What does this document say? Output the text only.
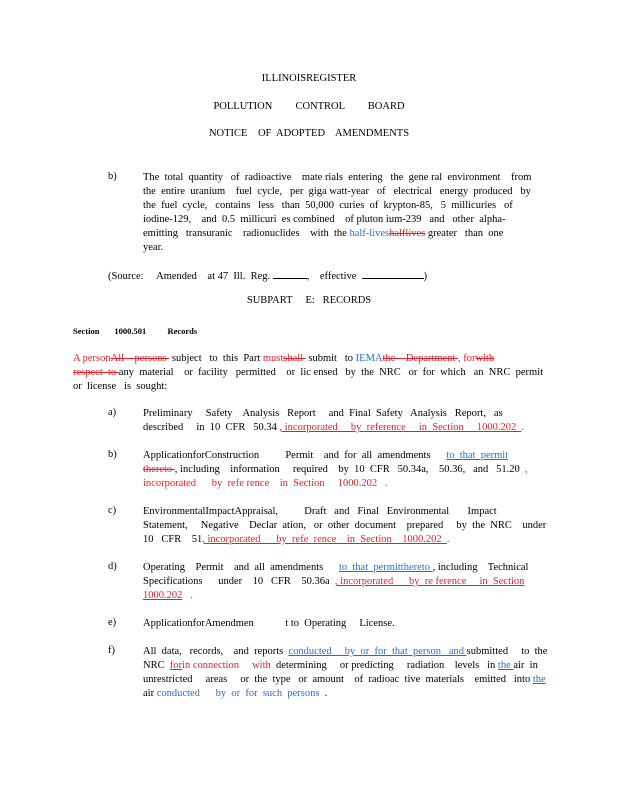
ILLINOISREGISTER
POLLUTION     CONTROL     BOARD
NOTICE    OF  ADOPTED    AMENDMENTS
b)	The  total  quantity   of  radioactive    mate rials  entering   the  gene ral  environment    from
the  entire  uranium    fuel  cycle,   per  giga watt-year   of   electrical   energy  produced   by
the  fuel  cycle,   contains   less   than  50,000  curies  of  krypton-85,   5  millicuries   of
iodine-129,    and  0.5  millicuri  es combined    of pluton ium-239   and   other  alpha-
emitting   transuranic    radionuclides    with  the half-liveshalflives greater   than  one
year.
(Source:     Amended    at 47  Ill.  Reg.	,    effective	)
SUBPART     E:   RECORDS
Section       1000.501	Records
A personAll    persons  subject   to  this  Part mustshall  submit   to IEMAthe    Department , forwith
respect  to any  material    or  facility   permitted    or  lic ensed   by  the  NRC   or  for  which   an  NRC  permit
or  license   is  sought:
a)	Preliminary     Safety    Analysis   Report     and  Final  Safety   Analysis   Report,   as
described     in  10  CFR   50.34 , incorporated     by  reference     in  Section     1000.202  .
b)	ApplicationforConstruction	Permit    and  for  all  amendments      to  that  permit
thereto , including    information     required    by  10  CFR   50.34a,    50.36,   and   51.20  ,
incorporated      by  refe rence    in  Section     1000.202   .
c)	EnvironmentalImpactAppraisal,	Draft   and   Final   Environmental       Impact
Statement,     Negative    Declar  ation,   or  other  document    prepared     by  the  NRC    under
10   CFR    51, incorporated      by  refe  rence    in  Section    1000.202  .
d)	Operating    Permit    and  all  amendments      to  that  permitthereto , including    Technical
Specifications      under    10   CFR    50.36a  , incorporated      by  re ference     in  Section
1000.202 .
e)	ApplicationforAmendmen	t to  Operating     License.
f)	All  data,   records,    and  reports  conducted     by  or  for  that  person   and submitted     to  the
NRC  forin connection     with  determining     or predicting     radiation    levels   in the air  in
unrestricted     areas     or  the  type   or  amount    of  radioac  tive  materials    emitted   into the
air conducted      by  or  for  such  persons  .
